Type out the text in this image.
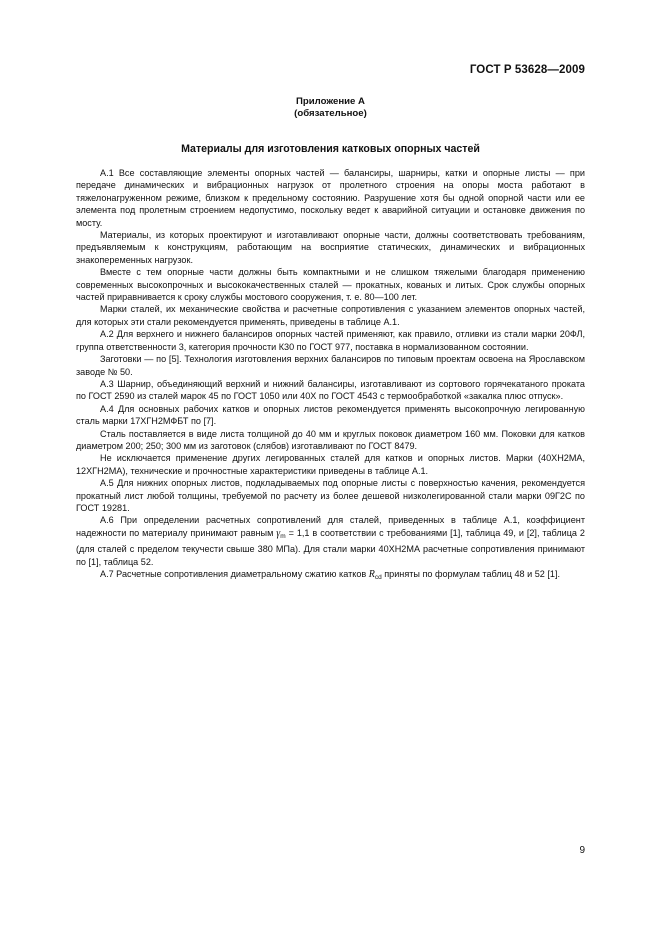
ГОСТ Р 53628—2009
Приложение А
(обязательное)
Материалы для изготовления катковых опорных частей

А.1 Все составляющие элементы опорных частей — балансиры, шарниры, катки и опорные листы — при передаче динамических и вибрационных нагрузок от пролетного строения на опоры моста работают в тяжелонагруженном режиме, близком к предельному состоянию. Разрушение хотя бы одной опорной части или ее элемента под пролетным строением недопустимо, поскольку ведет к аварийной ситуации и остановке движения по мосту.

Материалы, из которых проектируют и изготавливают опорные части, должны соответствовать требованиям, предъявляемым к конструкциям, работающим на восприятие статических, динамических и вибрационных знакопеременных нагрузок.

Вместе с тем опорные части должны быть компактными и не слишком тяжелыми благодаря применению современных высокопрочных и высококачественных сталей — прокатных, кованых и литых. Срок службы опорных частей приравнивается к сроку службы мостового сооружения, т. е. 80—100 лет.

Марки сталей, их механические свойства и расчетные сопротивления с указанием элементов опорных частей, для которых эти стали рекомендуется применять, приведены в таблице А.1.

А.2 Для верхнего и нижнего балансиров опорных частей применяют, как правило, отливки из стали марки 20ФЛ, группа ответственности 3, категория прочности К30 по ГОСТ 977, поставка в нормализованном состоянии.

Заготовки — по [5]. Технология изготовления верхних балансиров по типовым проектам освоена на Ярославском заводе № 50.

А.3 Шарнир, объединяющий верхний и нижний балансиры, изготавливают из сортового горячекатаного проката по ГОСТ 2590 из сталей марок 45 по ГОСТ 1050 или 40Х по ГОСТ 4543 с термообработкой «закалка плюс отпуск».

А.4 Для основных рабочих катков и опорных листов рекомендуется применять высокопрочную легированную сталь марки 17ХГН2МФБТ по [7].

Сталь поставляется в виде листа толщиной до 40 мм и круглых поковок диаметром 160 мм. Поковки для катков диаметром 200; 250; 300 мм из заготовок (слябов) изготавливают по ГОСТ 8479.

Не исключается применение других легированных сталей для катков и опорных листов. Марки (40ХН2МА, 12ХГН2МА), технические и прочностные характеристики приведены в таблице А.1.

А.5 Для нижних опорных листов, подкладываемых под опорные листы с поверхностью качения, рекомендуется прокатный лист любой толщины, требуемой по расчету из более дешевой низколегированной стали марки 09Г2С по ГОСТ 19281.

А.6 При определении расчетных сопротивлений для сталей, приведенных в таблице А.1, коэффициент надежности по материалу принимают равным $\gamma_m = 1,1$ в соответствии с требованиями [1], таблица 49, и [2], таблица 2 (для сталей с пределом текучести свыше 380 МПа). Для стали марки 40ХН2МА расчетные сопротивления принимают по [1], таблица 52.

А.7 Расчетные сопротивления диаметральному сжатию катков $R_{cd}$ приняты по формулам таблиц 48 и 52 [1].

9
